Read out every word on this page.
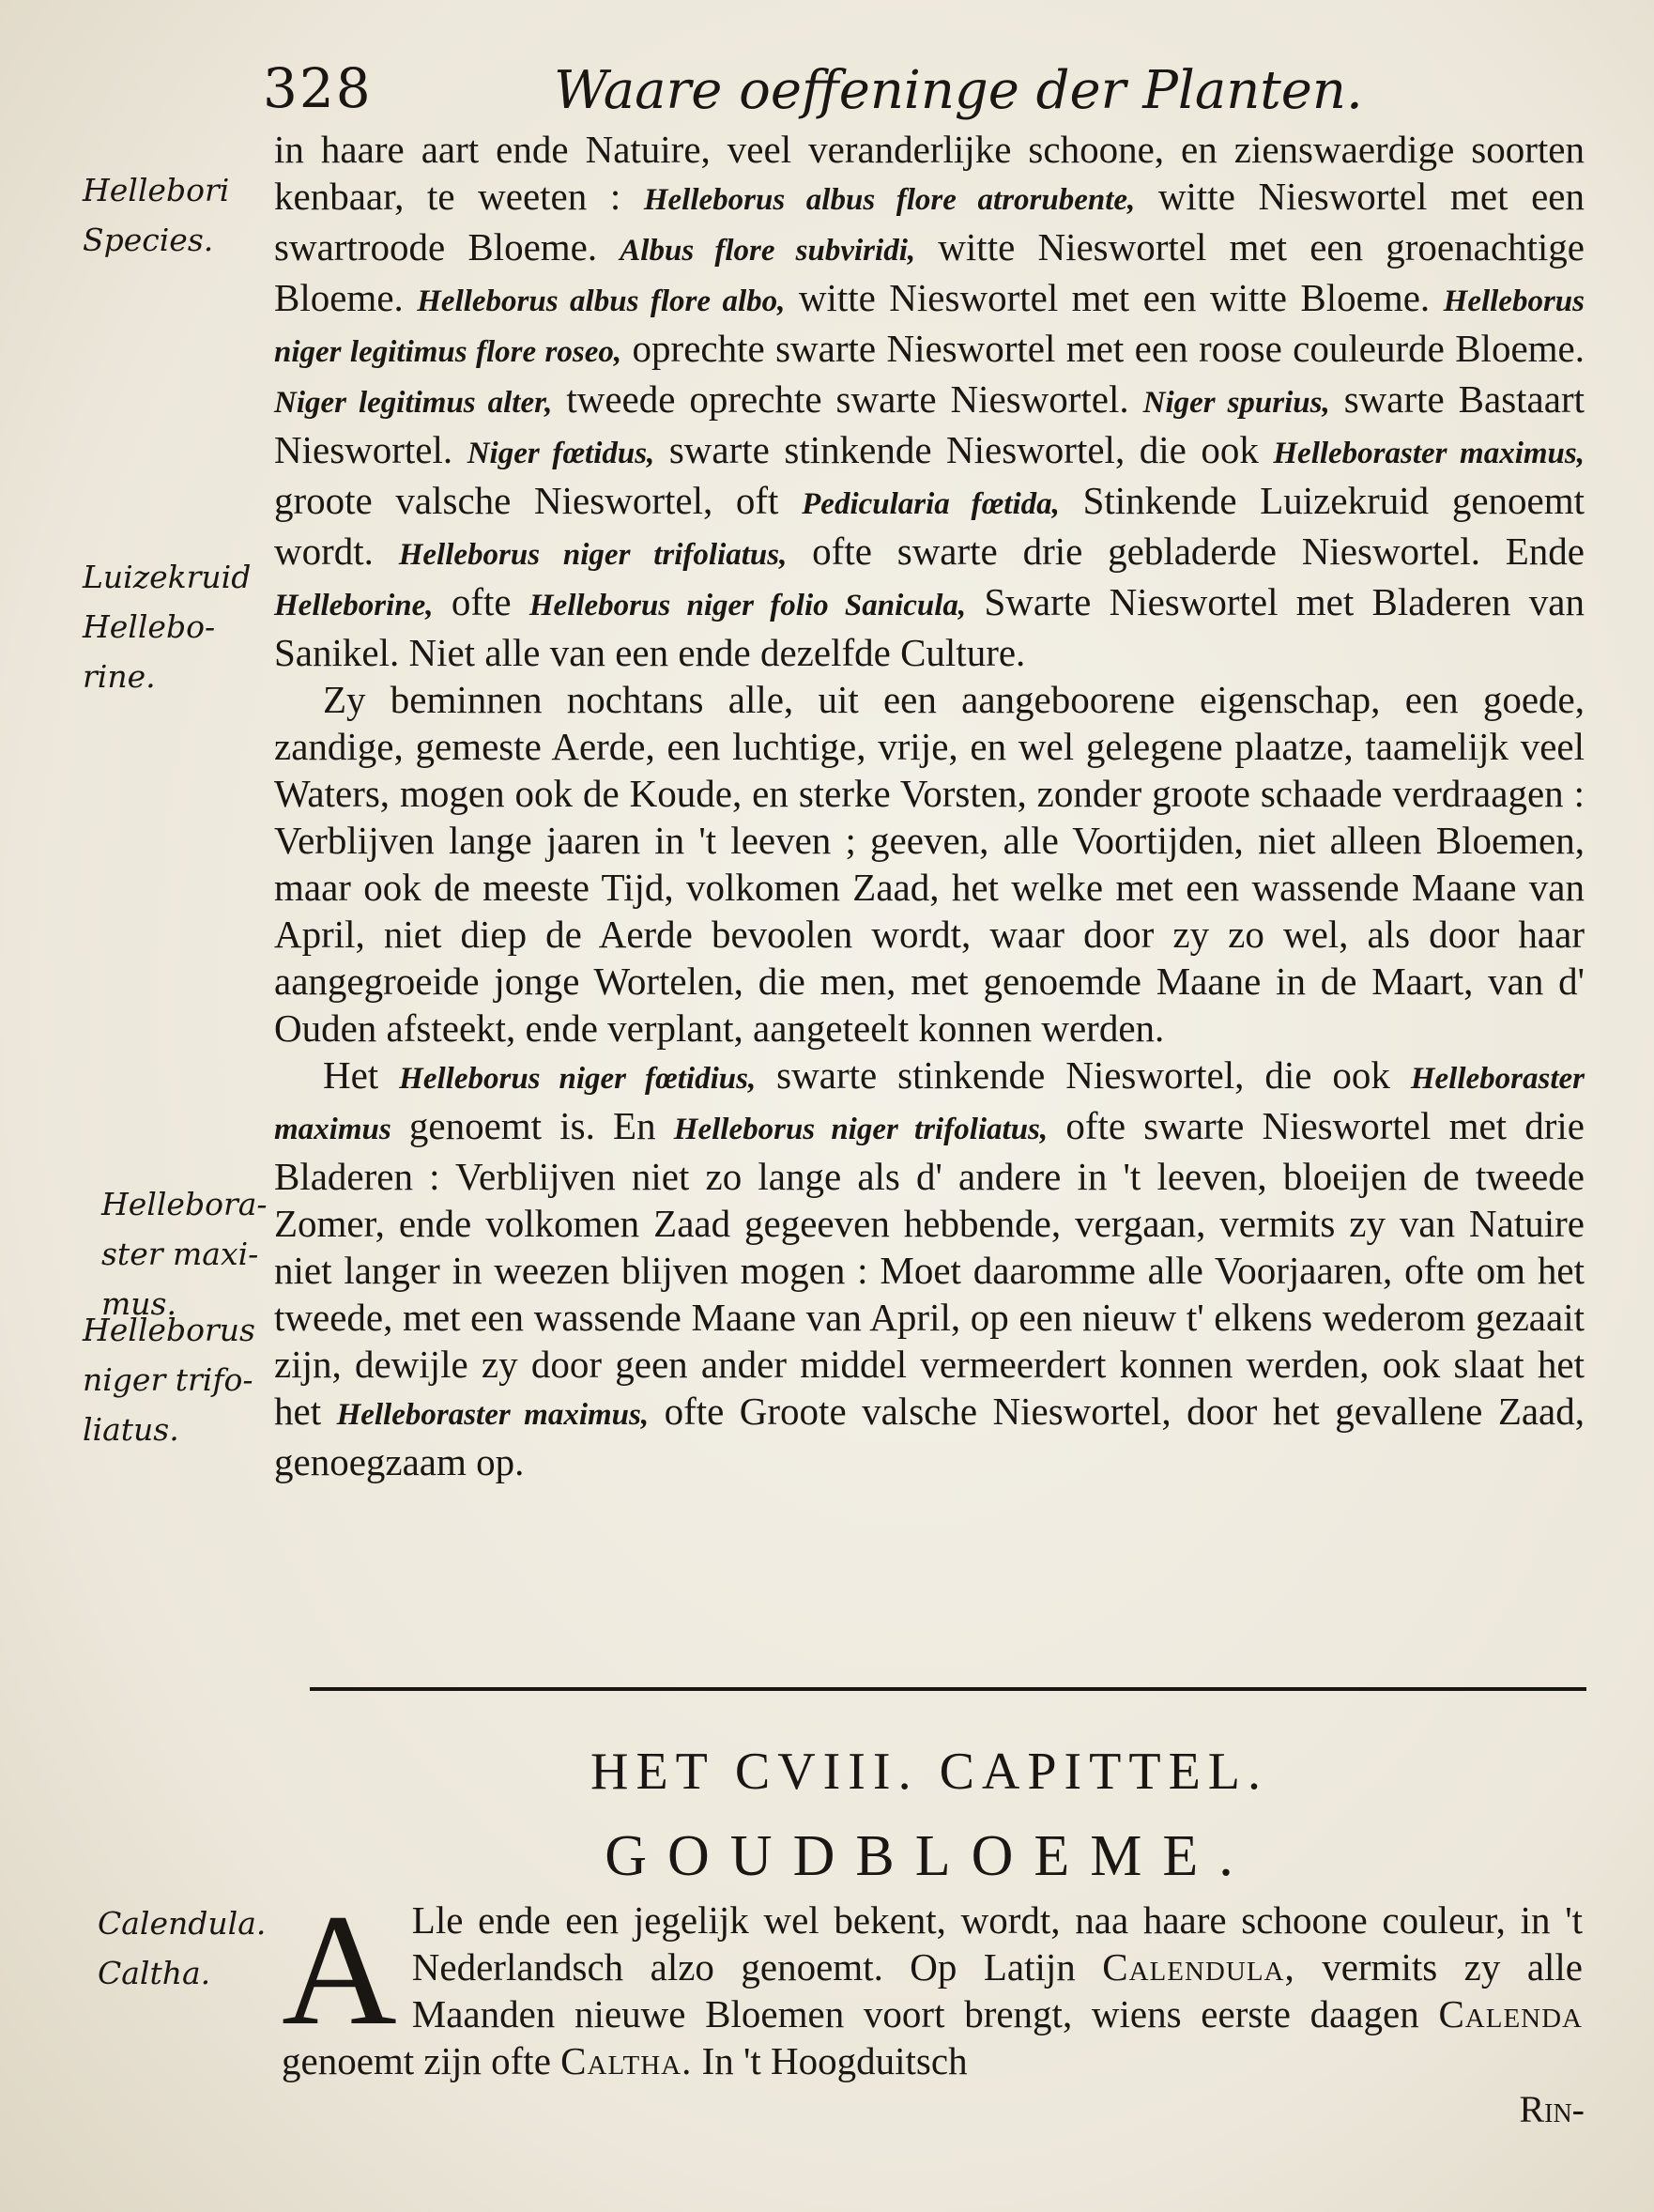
328	Waare oeffeninge der Planten.
Hellebori
Species.
Luizekruid
Hellebo-
rine.
Hellebora-
ster maxi-
mus.
Helleborus
niger trifo-
liatus.
Calendula.
Caltha.

in haare aart ende Natuire, veel veranderlijke schoone, en zienswaerdige soorten kenbaar, te weeten : Helleborus albus flore atrorubente, witte Nieswortel met een swartroode Bloeme. Albus flore subviridi, witte Nieswortel met een groenachtige Bloeme. Helleborus albus flore albo, witte Nieswortel met een witte Bloeme. Helleborus niger legitimus flore roseo, oprechte swarte Nieswortel met een roose couleurde Bloeme. Niger legitimus alter, tweede oprechte swarte Nieswortel. Niger spurius, swarte Bastaart Nieswortel. Niger fœtidus, swarte stinkende Nieswortel, die ook Helleboraster maximus, groote valsche Nieswortel, oft Pedicularia fœtida, Stinkende Luizekruid genoemt wordt. Helleborus niger trifoliatus, ofte swarte drie gebladerde Nieswortel. Ende Helleborine, ofte Helleborus niger folio Sanicula, Swarte Nieswortel met Bladeren van Sanikel. Niet alle van een ende dezelfde Culture.

Zy beminnen nochtans alle, uit een aangeboorene eigenschap, een goede, zandige, gemeste Aerde, een luchtige, vrije, en wel gelegene plaatze, taamelijk veel Waters, mogen ook de Koude, en sterke Vorsten, zonder groote schaade verdraagen : Verblijven lange jaaren in 't leeven ; geeven, alle Voortijden, niet alleen Bloemen, maar ook de meeste Tijd, volkomen Zaad, het welke met een wassende Maane van April, niet diep de Aerde bevoolen wordt, waar door zy zo wel, als door haar aangegroeide jonge Wortelen, die men, met genoemde Maane in de Maart, van d' Ouden afsteekt, ende verplant, aangeteelt konnen werden.

Het Helleborus niger fœtidius, swarte stinkende Nieswortel, die ook Helleboraster maximus genoemt is. En Helleborus niger trifoliatus, ofte swarte Nieswortel met drie Bladeren : Verblijven niet zo lange als d' andere in 't leeven, bloeijen de tweede Zomer, ende volkomen Zaad gegeeven hebbende, vergaan, vermits zy van Natuire niet langer in weezen blijven mogen : Moet daaromme alle Voorjaaren, ofte om het tweede, met een wassende Maane van April, op een nieuw t' elkens wederom gezaait zijn, dewijle zy door geen ander middel vermeerdert konnen werden, ook slaat het het Helleboraster maximus, ofte Groote valsche Nieswortel, door het gevallene Zaad, genoegzaam op.

HET CVIII. CAPITTEL.
GOUDBLOEME.
A Lle ende een jegelijk wel bekent, wordt, naa haare schoone couleur, in 't Nederlandsch alzo genoemt. Op Latijn Calendula, vermits zy alle Maanden nieuwe Bloemen voort brengt, wiens eerste daagen Calenda genoemt zijn ofte Caltha. In 't Hoogduitsch
Rin-
